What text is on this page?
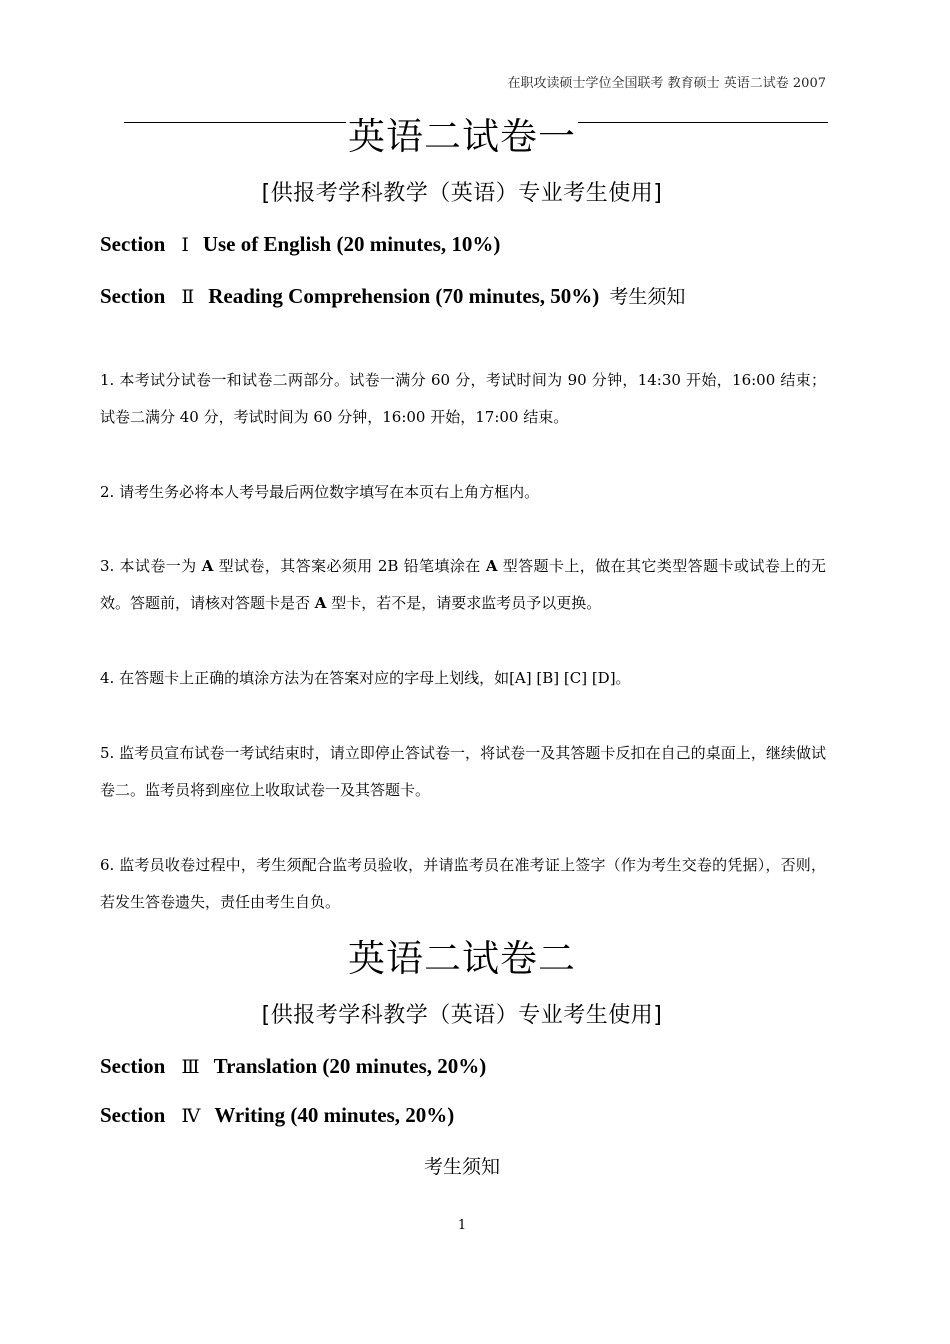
在职攻读硕士学位全国联考 教育硕士 英语二试卷 2007
英语二试卷一
[供报考学科教学（英语）专业考生使用]
Section Ⅰ Use of English (20 minutes, 10%)
Section Ⅱ Reading Comprehension (70 minutes, 50%) 考生须知
1. 本考试分试卷一和试卷二两部分。试卷一满分 60 分，考试时间为 90 分钟，14:30 开始，16:00 结束；试卷二满分 40 分，考试时间为 60 分钟，16:00 开始，17:00 结束。
2. 请考生务必将本人考号最后两位数字填写在本页右上角方框内。
3. 本试卷一为 A 型试卷，其答案必须用 2B 铅笔填涂在 A 型答题卡上，做在其它类型答题卡或试卷上的无效。答题前，请核对答题卡是否 A 型卡，若不是，请要求监考员予以更换。
4. 在答题卡上正确的填涂方法为在答案对应的字母上划线，如[A] [B] [C] [D]。
5. 监考员宣布试卷一考试结束时，请立即停止答试卷一，将试卷一及其答题卡反扣在自己的桌面上，继续做试卷二。监考员将到座位上收取试卷一及其答题卡。
6. 监考员收卷过程中，考生须配合监考员验收，并请监考员在准考证上签字（作为考生交卷的凭据），否则，若发生答卷遗失，责任由考生自负。
英语二试卷二
[供报考学科教学（英语）专业考生使用]
Section Ⅲ Translation (20 minutes, 20%)
Section Ⅳ Writing (40 minutes, 20%)
考生须知
1
